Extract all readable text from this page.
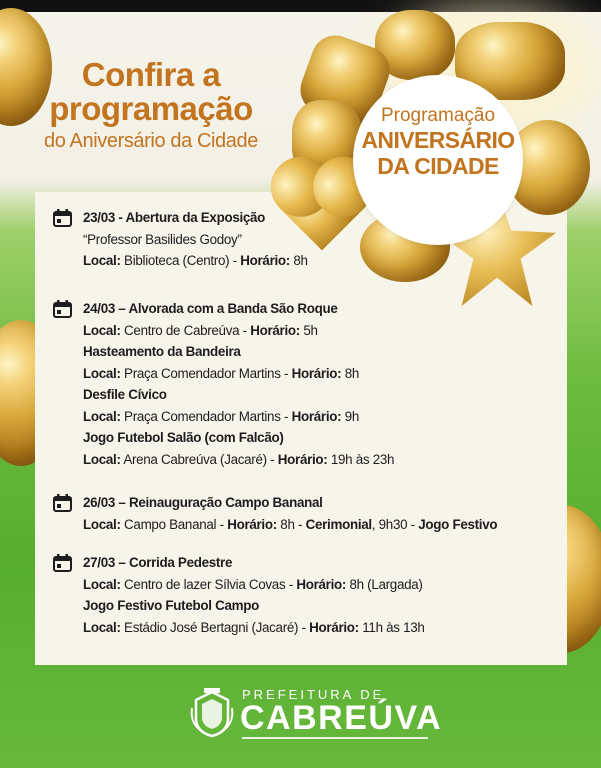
Programação
ANIVERSÁRIO
DA CIDADE
Confira a
programação
do Aniversário da Cidade
23/03 - Abertura da Exposição
“Professor Basilides Godoy”
Local: Biblioteca (Centro) - Horário: 8h
24/03 – Alvorada com a Banda São Roque
Local: Centro de Cabreúva - Horário: 5h
Hasteamento da Bandeira
Local: Praça Comendador Martins - Horário: 8h
Desfile Cívico
Local: Praça Comendador Martins - Horário: 9h
Jogo Futebol Salão (com Falcão)
Local: Arena Cabreúva (Jacaré) - Horário: 19h às 23h
26/03 – Reinauguração Campo Bananal
Local: Campo Bananal - Horário: 8h - Cerimonial, 9h30 - Jogo Festivo
27/03 – Corrida Pedestre
Local: Centro de lazer Sílvia Covas - Horário: 8h (Largada)
Jogo Festivo Futebol Campo
Local: Estádio José Bertagni (Jacaré) - Horário: 11h às 13h
PREFEITURA DE
CABREÚVA
